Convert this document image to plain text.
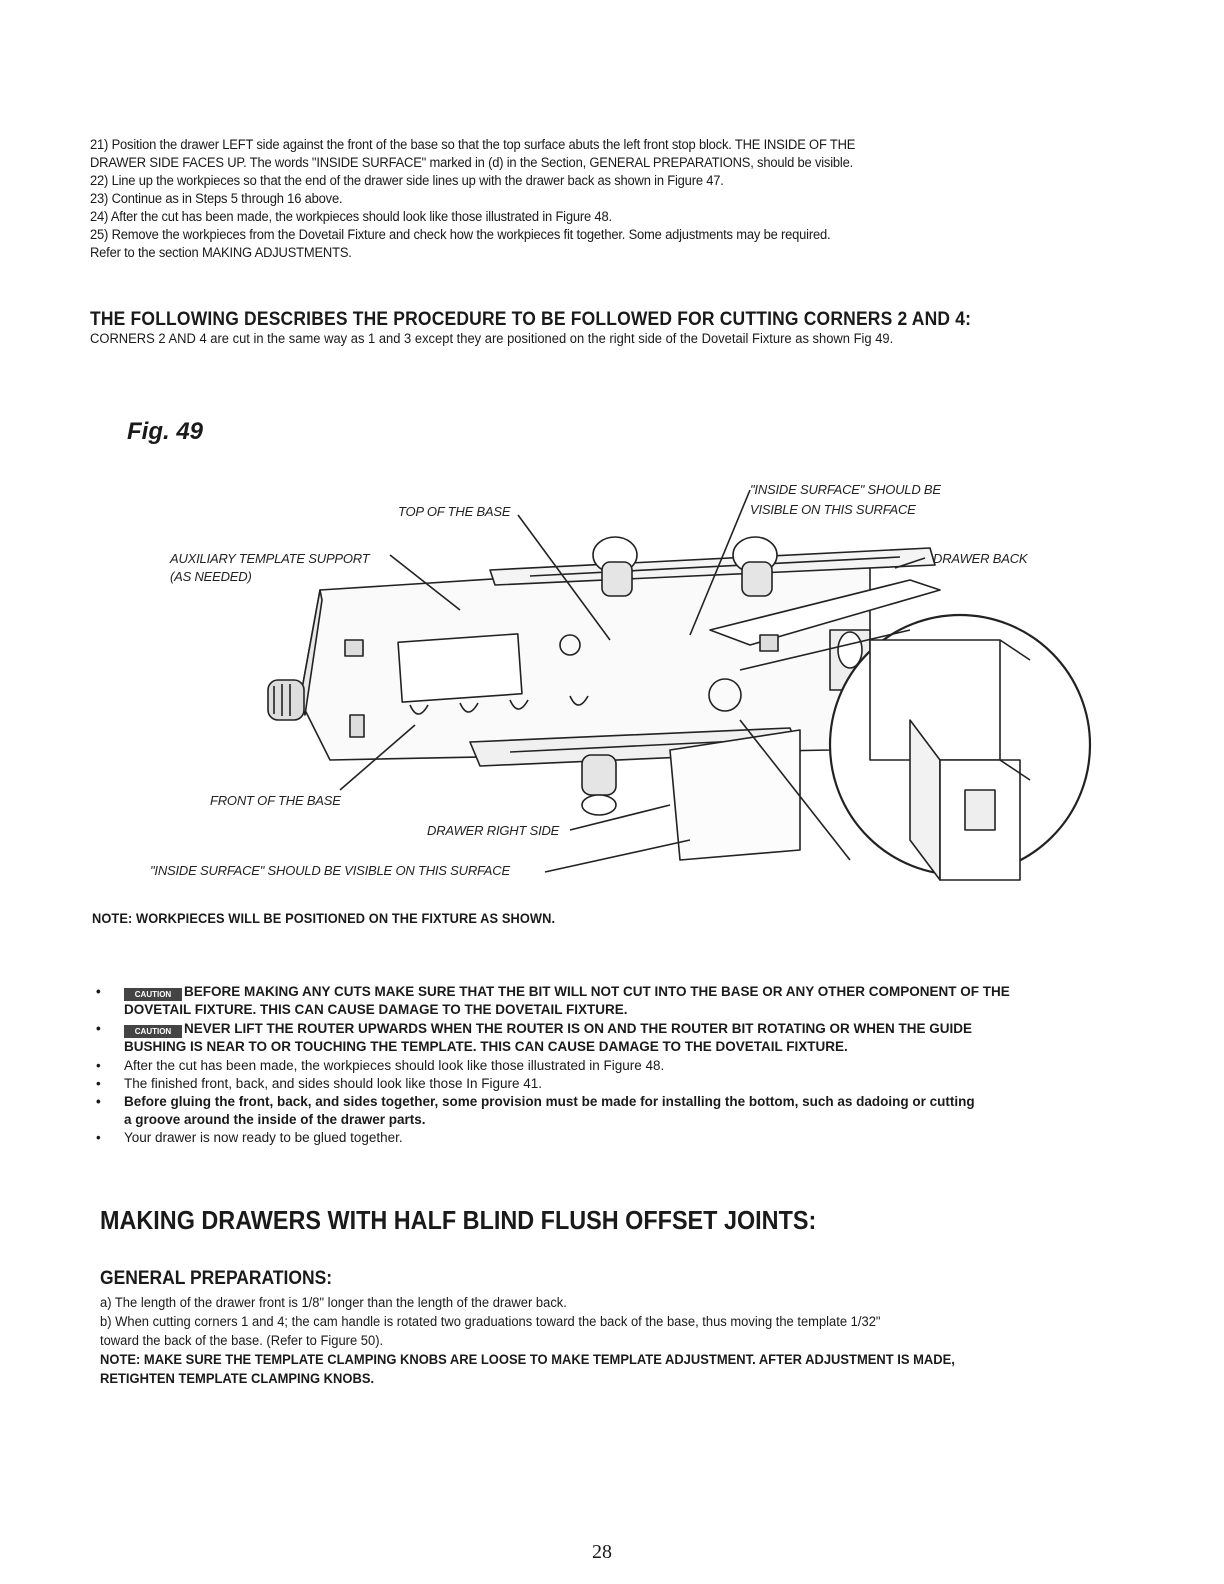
21) Position the drawer LEFT side against the front of the base so that the top surface abuts the left front stop block. THE INSIDE OF THE

DRAWER SIDE FACES UP. The words "INSIDE SURFACE" marked in (d) in the Section, GENERAL PREPARATIONS, should be visible.

22) Line up the workpieces so that the end of the drawer side lines up with the drawer back as shown in Figure 47.

23) Continue as in Steps 5 through 16 above.

24) After the cut has been made, the workpieces should look like those illustrated in Figure 48.

25) Remove the workpieces from the Dovetail Fixture and check how the workpieces fit together. Some adjustments may be required.

Refer to the section MAKING ADJUSTMENTS.

THE FOLLOWING DESCRIBES THE PROCEDURE TO BE FOLLOWED FOR CUTTING CORNERS 2 AND 4:
CORNERS 2 AND 4 are cut in the same way as 1 and 3 except they are positioned on the right side of the Dovetail Fixture as shown Fig 49.
Fig. 49
"INSIDE SURFACE" SHOULD BE
VISIBLE ON THIS SURFACE
TOP OF THE BASE
AUXILIARY TEMPLATE SUPPORT
(AS NEEDED)
DRAWER BACK
FRONT OF THE BASE
DRAWER RIGHT SIDE
"INSIDE SURFACE" SHOULD BE VISIBLE ON THIS SURFACE
NOTE: WORKPIECES WILL BE POSITIONED ON THE FIXTURE AS SHOWN.

•	CAUTION BEFORE MAKING ANY CUTS MAKE SURE THAT THE BIT WILL NOT CUT INTO THE BASE OR ANY OTHER COMPONENT OF THE
DOVETAIL FIXTURE. THIS CAN CAUSE DAMAGE TO THE DOVETAIL FIXTURE.

•	CAUTION NEVER LIFT THE ROUTER UPWARDS WHEN THE ROUTER IS ON AND THE ROUTER BIT ROTATING OR WHEN THE GUIDE
BUSHING IS NEAR TO OR TOUCHING THE TEMPLATE. THIS CAN CAUSE DAMAGE TO THE DOVETAIL FIXTURE.

• After the cut has been made, the workpieces should look like those illustrated in Figure 48.

• The finished front, back, and sides should look like those In Figure 41.

• Before gluing the front, back, and sides together, some provision must be made for installing the bottom, such as dadoing or cutting
a groove around the inside of the drawer parts.

• Your drawer is now ready to be glued together.

MAKING DRAWERS WITH HALF BLIND FLUSH OFFSET JOINTS:
GENERAL PREPARATIONS:

a) The length of the drawer front is 1/8" longer than the length of the drawer back.

b) When cutting corners 1 and 4; the cam handle is rotated two graduations toward the back of the base, thus moving the template 1/32"

toward the back of the base. (Refer to Figure 50).

NOTE: MAKE SURE THE TEMPLATE CLAMPING KNOBS ARE LOOSE TO MAKE TEMPLATE ADJUSTMENT. AFTER ADJUSTMENT IS MADE,

RETIGHTEN TEMPLATE CLAMPING KNOBS.

28
